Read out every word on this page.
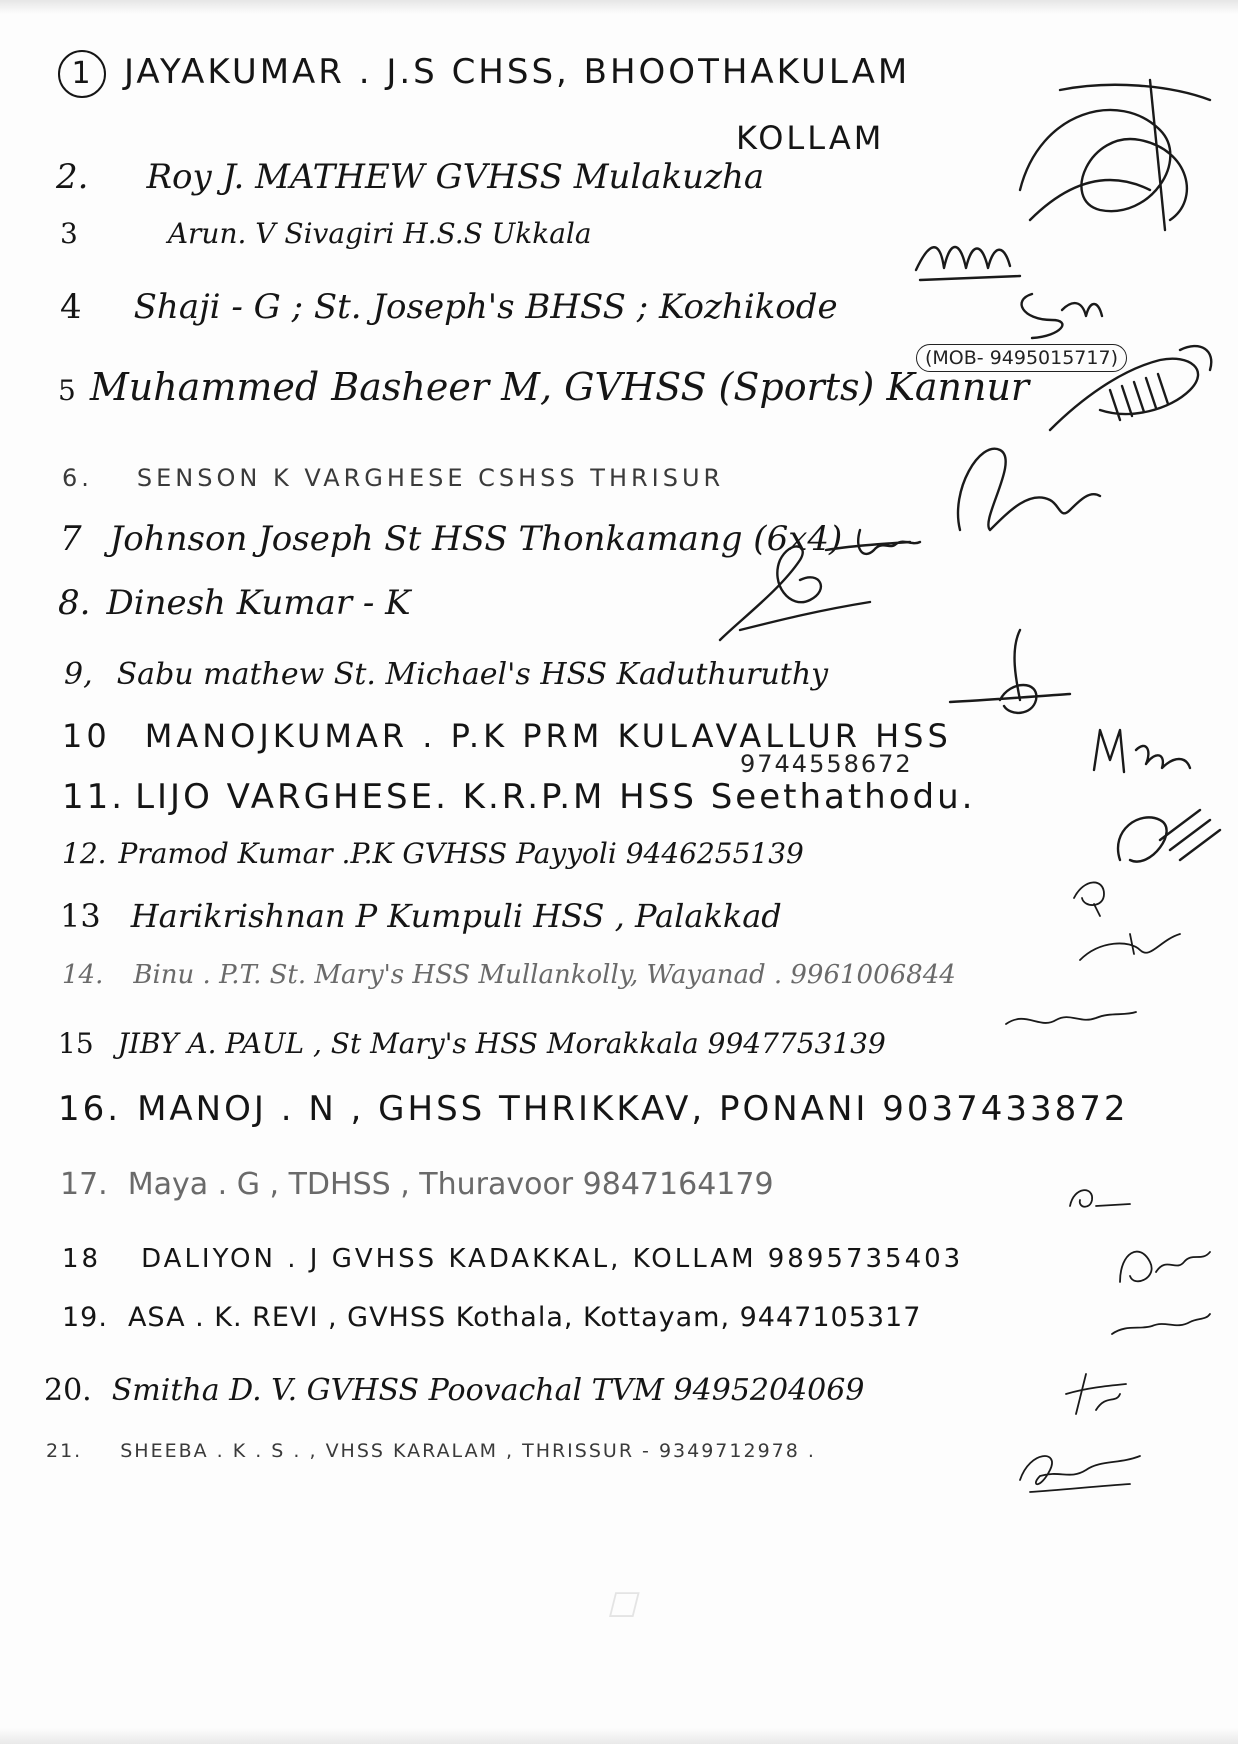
1 JAYAKUMAR . J.S CHSS, BHOOTHAKULAM
KOLLAM
2. Roy J. MATHEW GVHSS Mulakuzha
3	Arun. V Sivagiri H.S.S Ukkala
4 Shaji - G ; St. Joseph's BHSS ; Kozhikode
(MOB- 9495015717)
5 Muhammed Basheer M, GVHSS (Sports) Kannur
6. SENSON K VARGHESE CSHSS THRISUR
7 Johnson Joseph St HSS Thonkamang (6x4)
8. Dinesh Kumar - K
9, Sabu mathew St. Michael's HSS Kaduthuruthy
10 MANOJKUMAR . P.K PRM KULAVALLUR HSS
9744558672
11. LIJO VARGHESE. K.R.P.M HSS Seethathodu.
12. Pramod Kumar .P.K GVHSS Payyoli 9446255139
13 Harikrishnan P Kumpuli HSS , Palakkad
14. Binu . P.T. St. Mary's HSS Mullankolly, Wayanad . 9961006844
15 JIBY A. PAUL , St Mary's HSS Morakkala 9947753139
16. MANOJ . N , GHSS THRIKKAV, PONANI 9037433872
17. Maya . G , TDHSS , Thuravoor 9847164179
18 DALIYON . J GVHSS KADAKKAL, KOLLAM 9895735403
19. ASA . K. REVI , GVHSS Kothala, Kottayam, 9447105317
20. Smitha D. V. GVHSS Poovachal TVM 9495204069
21. SHEEBA . K . S . , VHSS KARALAM , THRISSUR - 9349712978 .
☐
